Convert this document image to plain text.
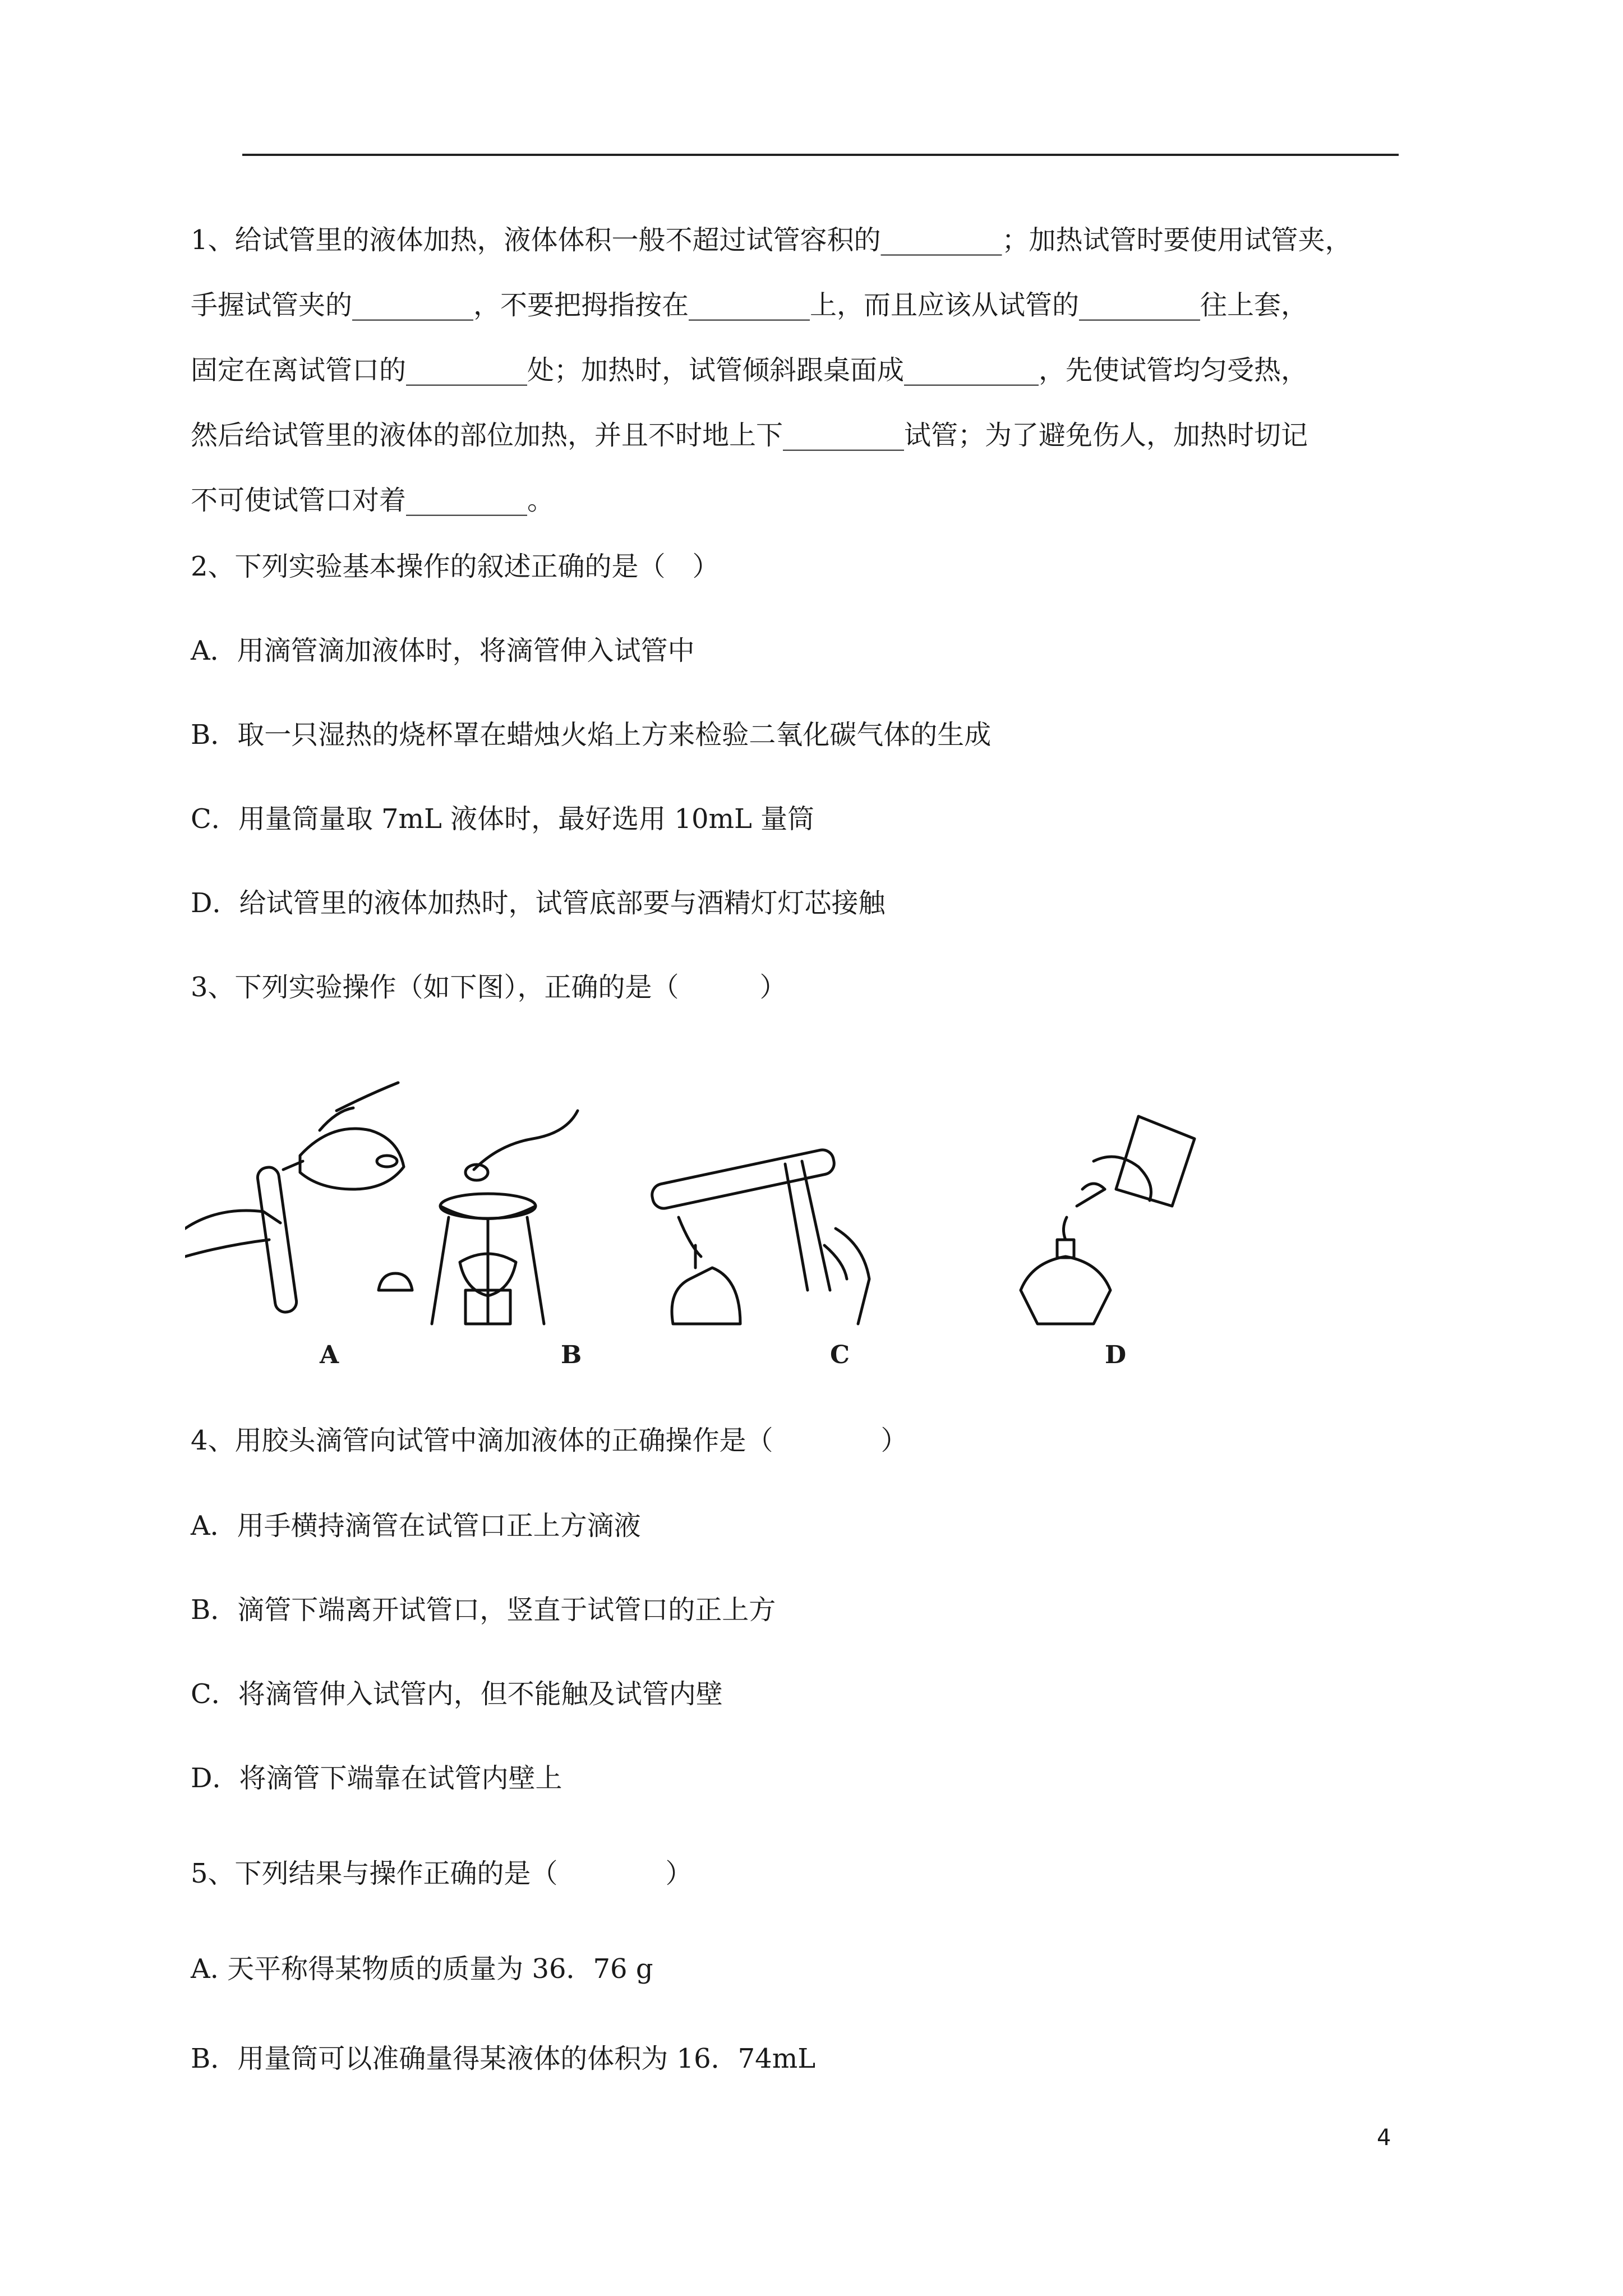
1、给试管里的液体加热，液体体积一般不超过试管容积的_________；加热试管时要使用试管夹，

手握试管夹的_________，不要把拇指按在_________上，而且应该从试管的_________往上套，

固定在离试管口的_________处；加热时，试管倾斜跟桌面成__________，先使试管均匀受热，

然后给试管里的液体的部位加热，并且不时地上下_________试管；为了避免伤人，加热时切记

不可使试管口对着_________。

2、下列实验基本操作的叙述正确的是（　）
A．用滴管滴加液体时，将滴管伸入试管中
B．取一只湿热的烧杯罩在蜡烛火焰上方来检验二氧化碳气体的生成
C．用量筒量取 7mL 液体时，最好选用 10mL 量筒
D．给试管里的液体加热时，试管底部要与酒精灯灯芯接触
3、下列实验操作（如下图），正确的是（　　　）
A	B	C	D
4、用胶头滴管向试管中滴加液体的正确操作是（　　　　）
A．用手横持滴管在试管口正上方滴液
B．滴管下端离开试管口，竖直于试管口的正上方
C．将滴管伸入试管内，但不能触及试管内壁
D．将滴管下端靠在试管内壁上
5、下列结果与操作正确的是（　　　　）
A. 天平称得某物质的质量为 36．76 g
B．用量筒可以准确量得某液体的体积为 16．74mL
4
